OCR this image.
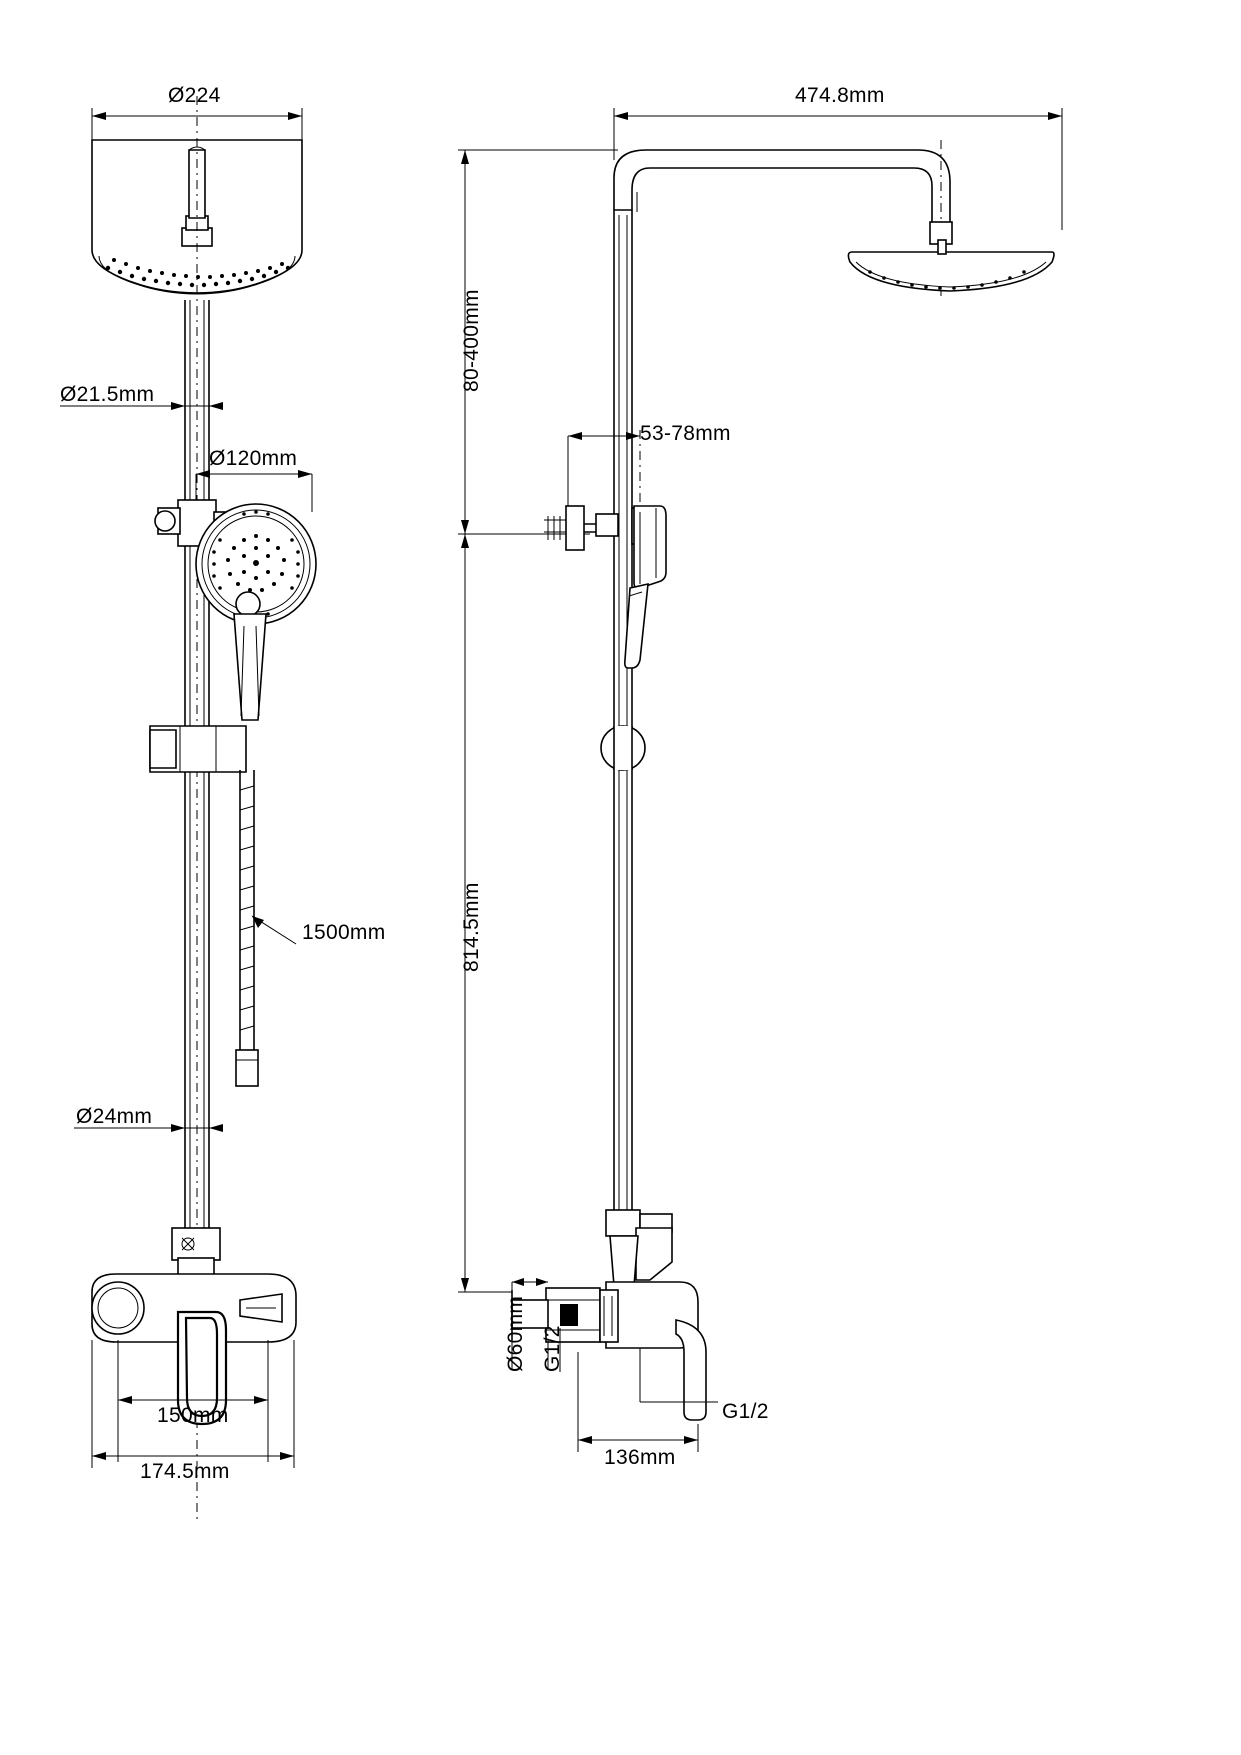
Ø224
Ø21.5mm
Ø120mm
1500mm
Ø24mm
150mm
174.5mm
474.8mm
80-400mm
53-78mm
814.5mm
Ø60mm G1/2
G1/2
136mm
